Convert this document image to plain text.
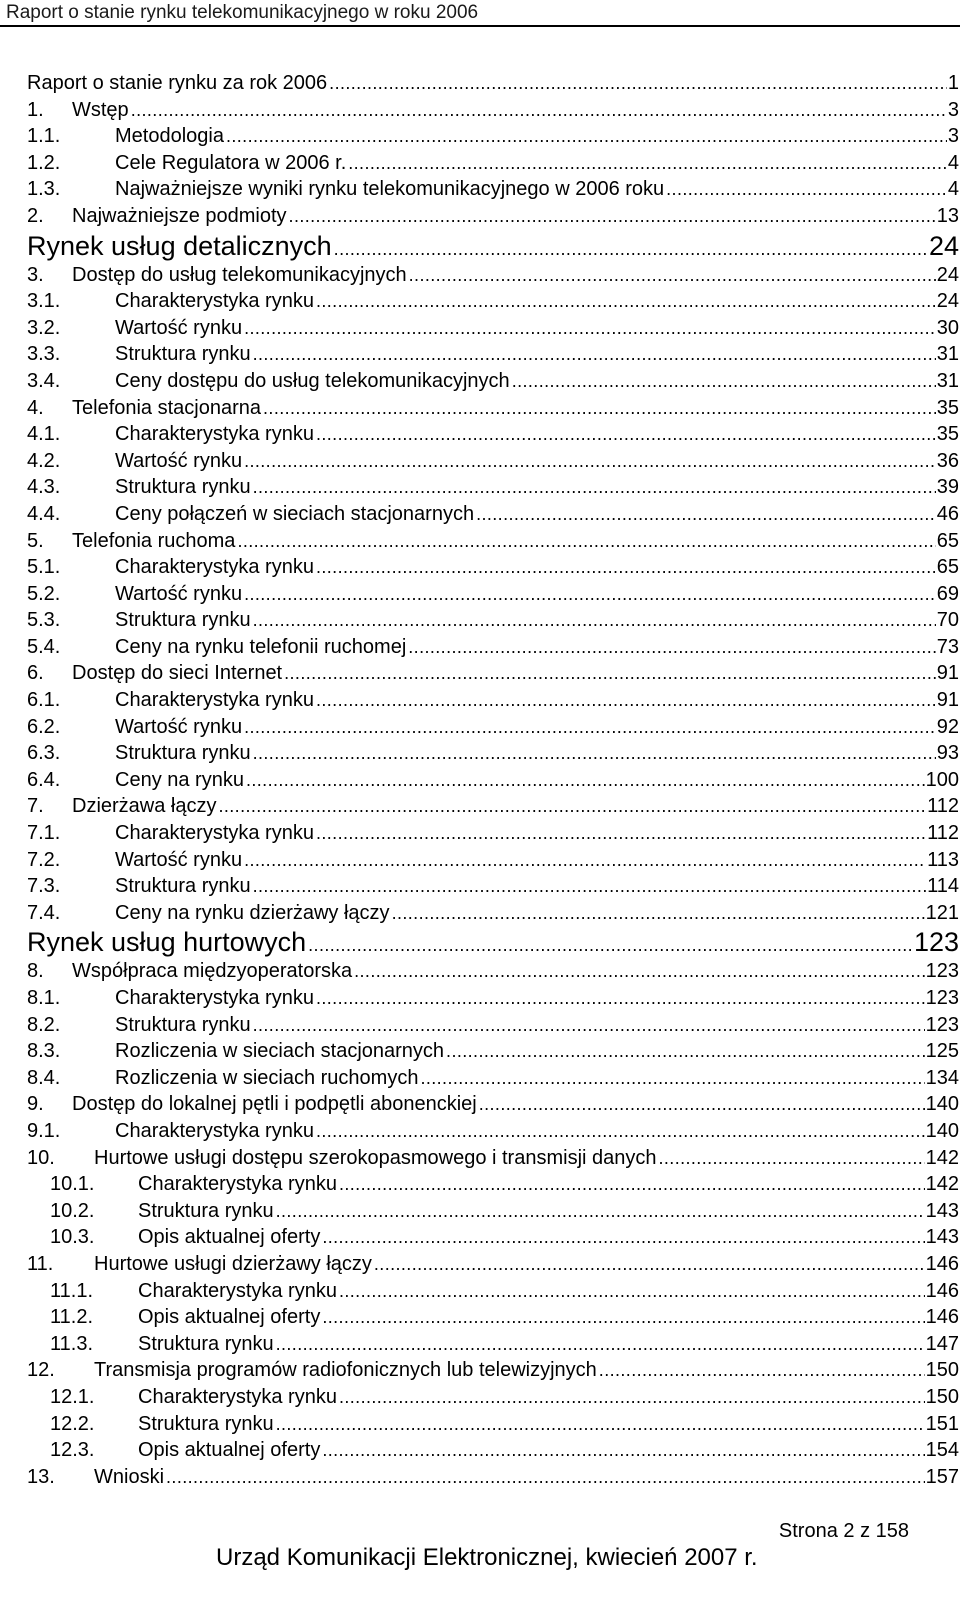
Raport o stanie rynku telekomunikacyjnego w roku 2006
Raport o stanie rynku za rok 2006 .....	1
1.	Wstęp .....	3
1.1.	Metodologia .....	3
1.2.	Cele Regulatora w 2006 r. .....	4
1.3.	Najważniejsze wyniki rynku telekomunikacyjnego w 2006 roku .....	4
2.	Najważniejsze podmioty .....	13
Rynek usług detalicznych .....	24
3.	Dostęp do usług telekomunikacyjnych .....	24
3.1.	Charakterystyka rynku .....	24
3.2.	Wartość rynku .....	30
3.3.	Struktura rynku .....	31
3.4.	Ceny dostępu do usług telekomunikacyjnych .....	31
4.	Telefonia stacjonarna .....	35
4.1.	Charakterystyka rynku .....	35
4.2.	Wartość rynku .....	36
4.3.	Struktura rynku .....	39
4.4.	Ceny połączeń w sieciach stacjonarnych .....	46
5.	Telefonia ruchoma .....	65
5.1.	Charakterystyka rynku .....	65
5.2.	Wartość rynku .....	69
5.3.	Struktura rynku .....	70
5.4.	Ceny na rynku telefonii ruchomej .....	73
6.	Dostęp do sieci Internet .....	91
6.1.	Charakterystyka rynku .....	91
6.2.	Wartość rynku .....	92
6.3.	Struktura rynku .....	93
6.4.	Ceny na rynku .....	100
7.	Dzierżawa łączy .....	112
7.1.	Charakterystyka rynku .....	112
7.2.	Wartość rynku .....	113
7.3.	Struktura rynku .....	114
7.4.	Ceny na rynku dzierżawy łączy .....	121
Rynek usług hurtowych .....	123
8.	Współpraca międzyoperatorska .....	123
8.1.	Charakterystyka rynku .....	123
8.2.	Struktura rynku .....	123
8.3.	Rozliczenia w sieciach stacjonarnych .....	125
8.4.	Rozliczenia w sieciach ruchomych .....	134
9.	Dostęp do lokalnej pętli i podpętli abonenckiej .....	140
9.1.	Charakterystyka rynku .....	140
10.	Hurtowe usługi dostępu szerokopasmowego i transmisji danych .....	142
10.1.	Charakterystyka rynku .....	142
10.2.	Struktura rynku .....	143
10.3.	Opis aktualnej oferty .....	143
11.	Hurtowe usługi dzierżawy łączy .....	146
11.1.	Charakterystyka rynku .....	146
11.2.	Opis aktualnej oferty .....	146
11.3.	Struktura rynku .....	147
12.	Transmisja programów radiofonicznych lub telewizyjnych .....	150
12.1.	Charakterystyka rynku .....	150
12.2.	Struktura rynku .....	151
12.3.	Opis aktualnej oferty .....	154
13.	Wnioski .....	157
Strona 2 z 158
Urząd Komunikacji Elektronicznej, kwiecień 2007 r.
